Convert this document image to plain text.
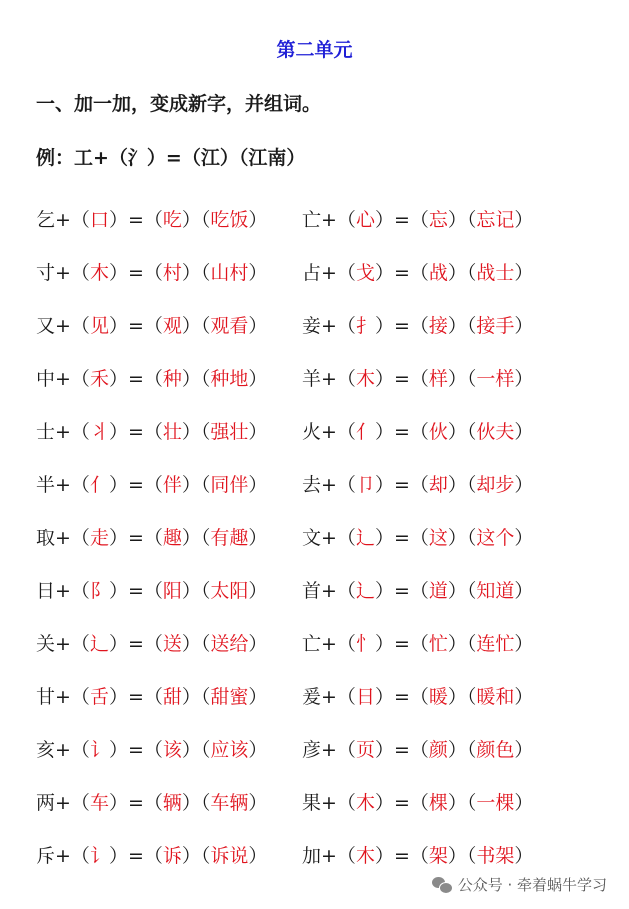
第二单元
一、加一加，变成新字，并组词。
例：工+（氵）=（江）（江南）
乞 +（ 口 ）=（ 吃 ）（ 吃饭 ） 亡 +（ 心 ）=（ 忘 ）（ 忘记 ）
寸 +（ 木 ）=（ 村 ）（ 山村 ） 占 +（ 戈 ）=（ 战 ）（ 战士 ）
又 +（ 见 ）=（ 观 ）（ 观看 ） 妾 +（ 扌 ）=（ 接 ）（ 接手 ）
中 +（ 禾 ）=（ 种 ）（ 种地 ） 羊 +（ 木 ）=（ 样 ）（ 一样 ）
士 +（ 丬 ）=（ 壮 ）（ 强壮 ） 火 +（ 亻 ）=（ 伙 ）（ 伙夫 ）
半 +（ 亻 ）=（ 伴 ）（ 同伴 ） 去 +（ 卩 ）=（ 却 ）（ 却步 ）
取 +（ 走 ）=（ 趣 ）（ 有趣 ） 文 +（ 辶 ）=（ 这 ）（ 这个 ）
日 +（ 阝 ）=（ 阳 ）（ 太阳 ） 首 +（ 辶 ）=（ 道 ）（ 知道 ）
关 +（ 辶 ）=（ 送 ）（ 送给 ） 亡 +（ 忄 ）=（ 忙 ）（ 连忙 ）
甘 +（ 舌 ）=（ 甜 ）（ 甜蜜 ） 爰 +（ 日 ）=（ 暖 ）（ 暖和 ）
亥 +（ 讠 ）=（ 该 ）（ 应该 ） 彦 +（ 页 ）=（ 颜 ）（ 颜色 ）
两 +（ 车 ）=（ 辆 ）（ 车辆 ） 果 +（ 木 ）=（ 棵 ）（ 一棵 ）
斥 +（ 讠 ）=（ 诉 ）（ 诉说 ） 加 +（ 木 ）=（ 架 ）（ 书架 ）
公众号 · 牵着蜗牛学习
